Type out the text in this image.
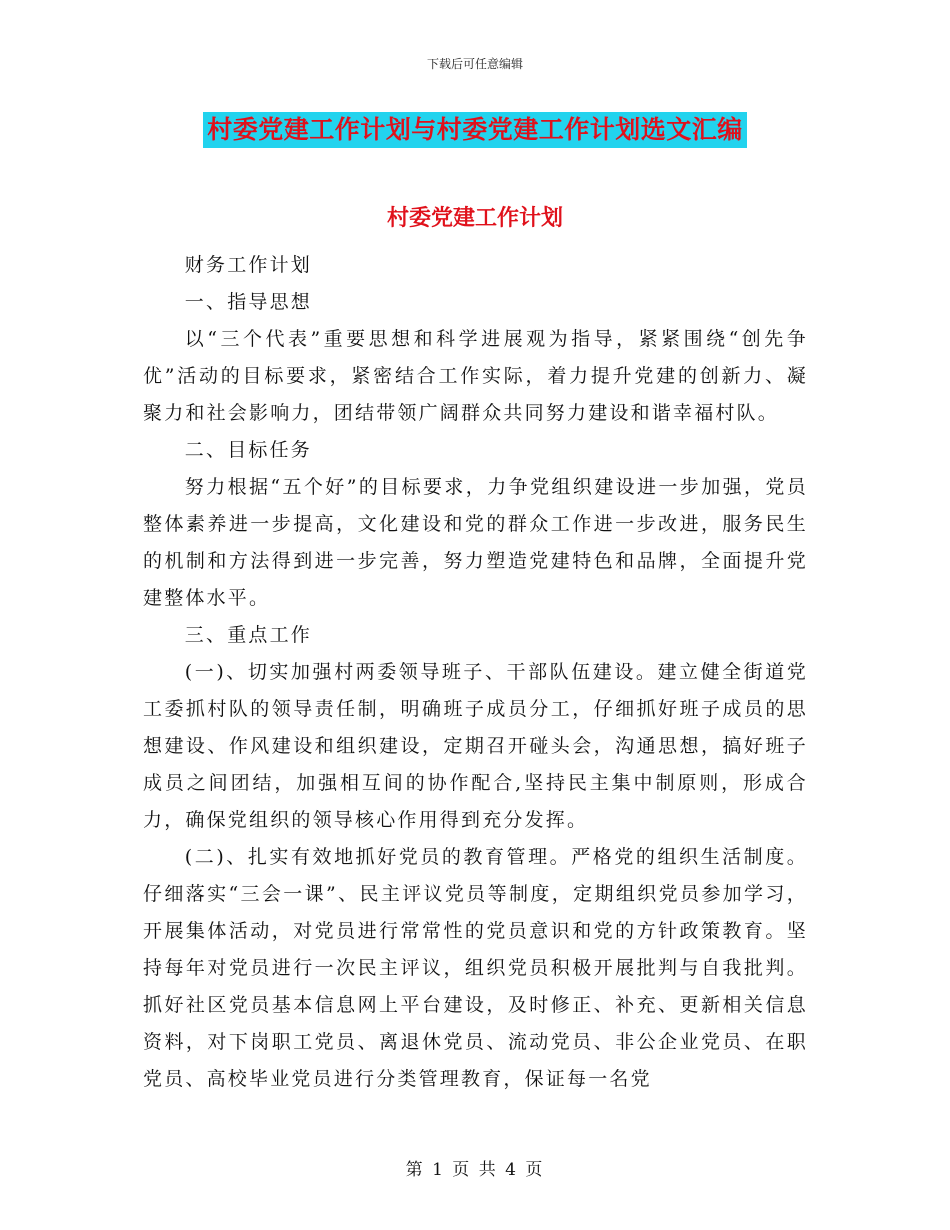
下载后可任意编辑
村委党建工作计划与村委党建工作计划选文汇编
村委党建工作计划

财务工作计划

一、指导思想

以“三个代表”重要思想和科学进展观为指导，紧紧围绕“创先争优”活动的目标要求，紧密结合工作实际，着力提升党建的创新力、凝聚力和社会影响力，团结带领广阔群众共同努力建设和谐幸福村队。

二、目标任务

努力根据“五个好”的目标要求，力争党组织建设进一步加强，党员整体素养进一步提高，文化建设和党的群众工作进一步改进，服务民生的机制和方法得到进一步完善，努力塑造党建特色和品牌，全面提升党建整体水平。

三、重点工作

(一)、切实加强村两委领导班子、干部队伍建设。建立健全街道党工委抓村队的领导责任制，明确班子成员分工，仔细抓好班子成员的思想建设、作风建设和组织建设，定期召开碰头会，沟通思想，搞好班子成员之间团结，加强相互间的协作配合,坚持民主集中制原则，形成合力，确保党组织的领导核心作用得到充分发挥。

(二)、扎实有效地抓好党员的教育管理。严格党的组织生活制度。仔细落实“三会一课”、民主评议党员等制度，定期组织党员参加学习，开展集体活动，对党员进行常常性的党员意识和党的方针政策教育。坚持每年对党员进行一次民主评议，组织党员积极开展批判与自我批判。抓好社区党员基本信息网上平台建设，及时修正、补充、更新相关信息资料，对下岗职工党员、离退休党员、流动党员、非公企业党员、在职党员、高校毕业党员进行分类管理教育，保证每一名党

第 1 页 共 4 页
